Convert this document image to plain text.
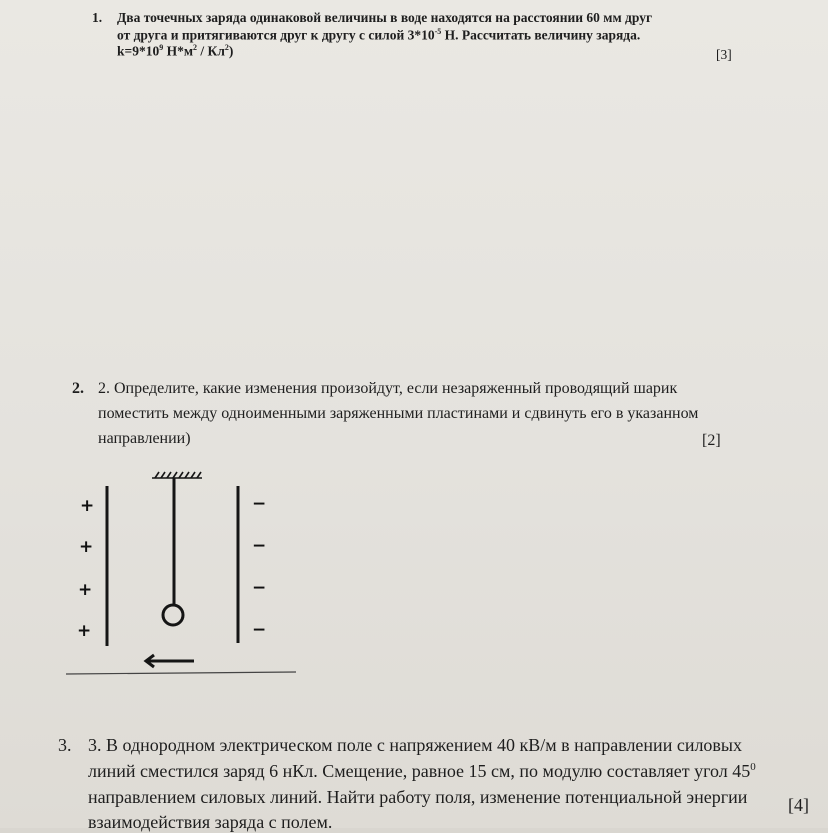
1. Два точечных заряда одинаковой величины в воде находятся на расстоянии 60 мм друг
от друга и притягиваются друг к другу с силой $3*10^{-5}$ Н. Рассчитать величину заряда.
$k=9*10^9$ $Н*м^2 / Кл^2$)	[3]
2. 2. Определите, какие изменения произойдут, если незаряженный проводящий шарик
поместить между одноименными заряженными пластинами и сдвинуть его в указанном
направлении)	[2]
+
+
+
+
−
−
−
−
3. 3. В однородном электрическом поле с напряжением 40 кВ/м в направлении силовых
линий сместился заряд 6 нКл. Смещение, равное 15 см, по модулю составляет угол $45^0$
направлением силовых линий. Найти работу поля, изменение потенциальной энергии [4]
взаимодействия заряда с полем.
